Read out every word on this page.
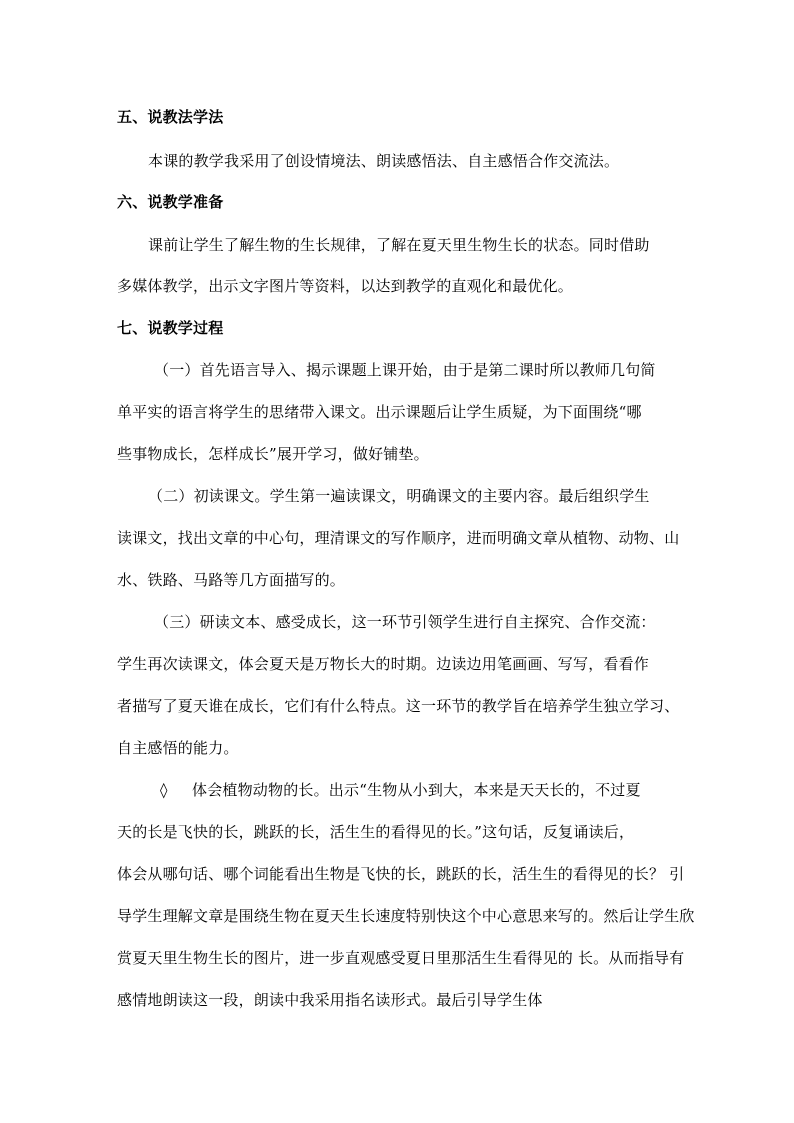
五、说教法学法
本课的教学我采用了创设情境法、朗读感悟法、自主感悟合作交流法。
六、说教学准备
课前让学生了解生物的生长规律，了解在夏天里生物生长的状态。同时借助
多媒体教学，出示文字图片等资料，以达到教学的直观化和最优化。
七、说教学过程
（一）首先语言导入、揭示课题上课开始，由于是第二课时所以教师几句简
单平实的语言将学生的思绪带入课文。出示课题后让学生质疑，为下面围绕“哪
些事物成长，怎样成长”展开学习，做好铺垫。
（二）初读课文。学生第一遍读课文，明确课文的主要内容。最后组织学生
读课文，找出文章的中心句，理清课文的写作顺序，进而明确文章从植物、动物、山
水、铁路、马路等几方面描写的。
（三）研读文本、感受成长，这一环节引领学生进行自主探究、合作交流：
学生再次读课文，体会夏天是万物长大的时期。边读边用笔画画、写写，看看作
者描写了夏天谁在成长，它们有什么特点。这一环节的教学旨在培养学生独立学习、
自主感悟的能力。
◊ 体会植物动物的长。出示“生物从小到大，本来是天天长的，不过夏
天的长是飞快的长，跳跃的长，活生生的看得见的长。”这句话，反复诵读后，
体会从哪句话、哪个词能看出生物是飞快的长，跳跃的长，活生生的看得见的长？ 引
导学生理解文章是围绕生物在夏天生长速度特别快这个中心意思来写的。然后让学生欣
赏夏天里生物生长的图片，进一步直观感受夏日里那活生生看得见的 长。从而指导有
感情地朗读这一段，朗读中我采用指名读形式。最后引导学生体
